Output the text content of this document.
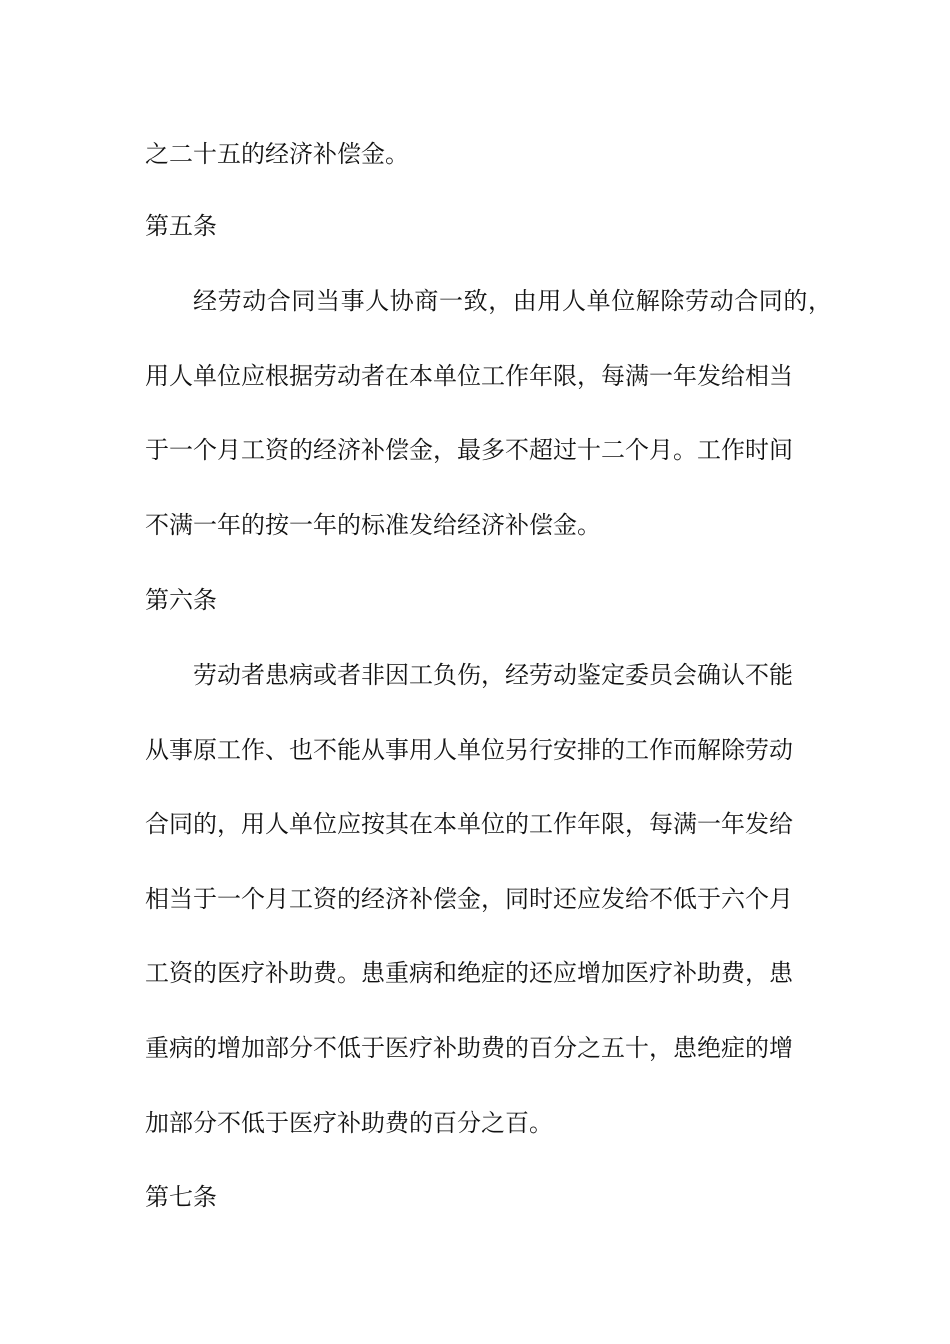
之二十五的经济补偿金。

第五条

经劳动合同当事人协商一致，由用人单位解除劳动合同的，

用人单位应根据劳动者在本单位工作年限，每满一年发给相当

于一个月工资的经济补偿金，最多不超过十二个月。工作时间

不满一年的按一年的标准发给经济补偿金。

第六条

劳动者患病或者非因工负伤，经劳动鉴定委员会确认不能

从事原工作、也不能从事用人单位另行安排的工作而解除劳动

合同的，用人单位应按其在本单位的工作年限，每满一年发给

相当于一个月工资的经济补偿金，同时还应发给不低于六个月

工资的医疗补助费。患重病和绝症的还应增加医疗补助费，患

重病的增加部分不低于医疗补助费的百分之五十，患绝症的增

加部分不低于医疗补助费的百分之百。

第七条
